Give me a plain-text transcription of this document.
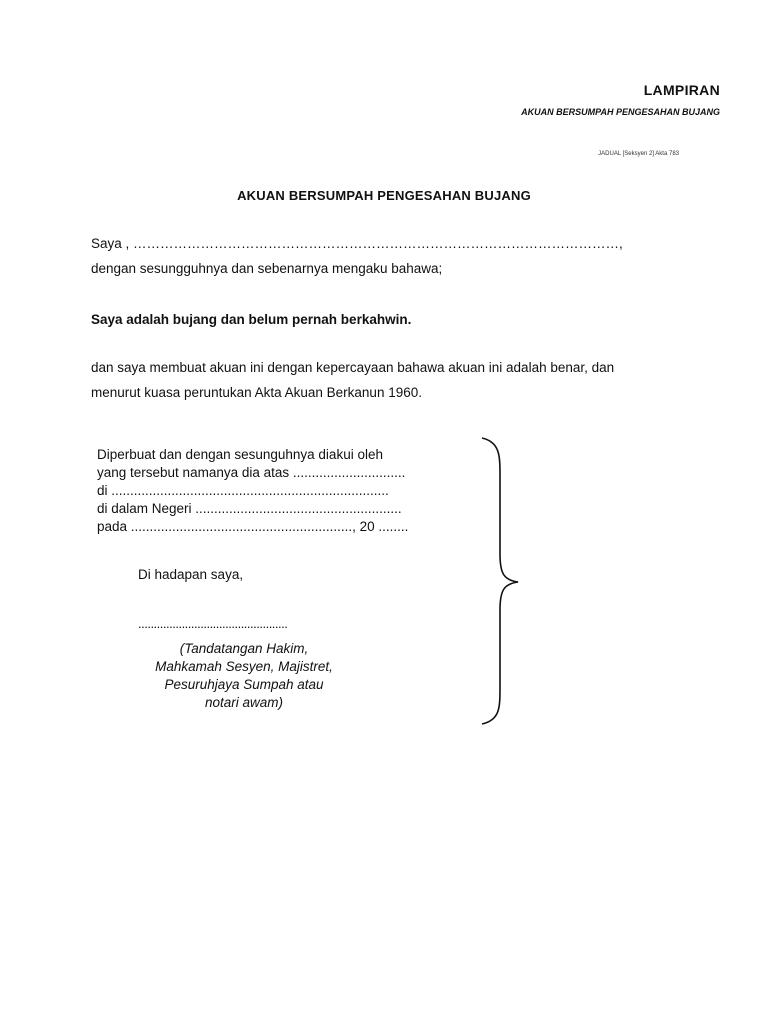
LAMPIRAN
AKUAN BERSUMPAH PENGESAHAN BUJANG
JADUAL [Seksyen 2] Akta 783
AKUAN BERSUMPAH PENGESAHAN BUJANG
Saya , ………………………………………………………………………………………………,
dengan sesungguhnya dan sebenarnya mengaku bahawa;
Saya adalah bujang dan belum pernah berkahwin.
dan saya membuat akuan ini dengan kepercayaan bahawa akuan ini adalah benar, dan
menurut kuasa peruntukan Akta Akuan Berkanun 1960.
Diperbuat dan dengan sesunguhnya diakui oleh
yang tersebut namanya dia atas ..............................
di ..........................................................................
di dalam Negeri .......................................................
pada ..........................................................., 20 ........
Di hadapan saya,
................................................
(Tandatangan Hakim,
Mahkamah Sesyen, Majistret,
Pesuruhjaya Sumpah atau
notari awam)
